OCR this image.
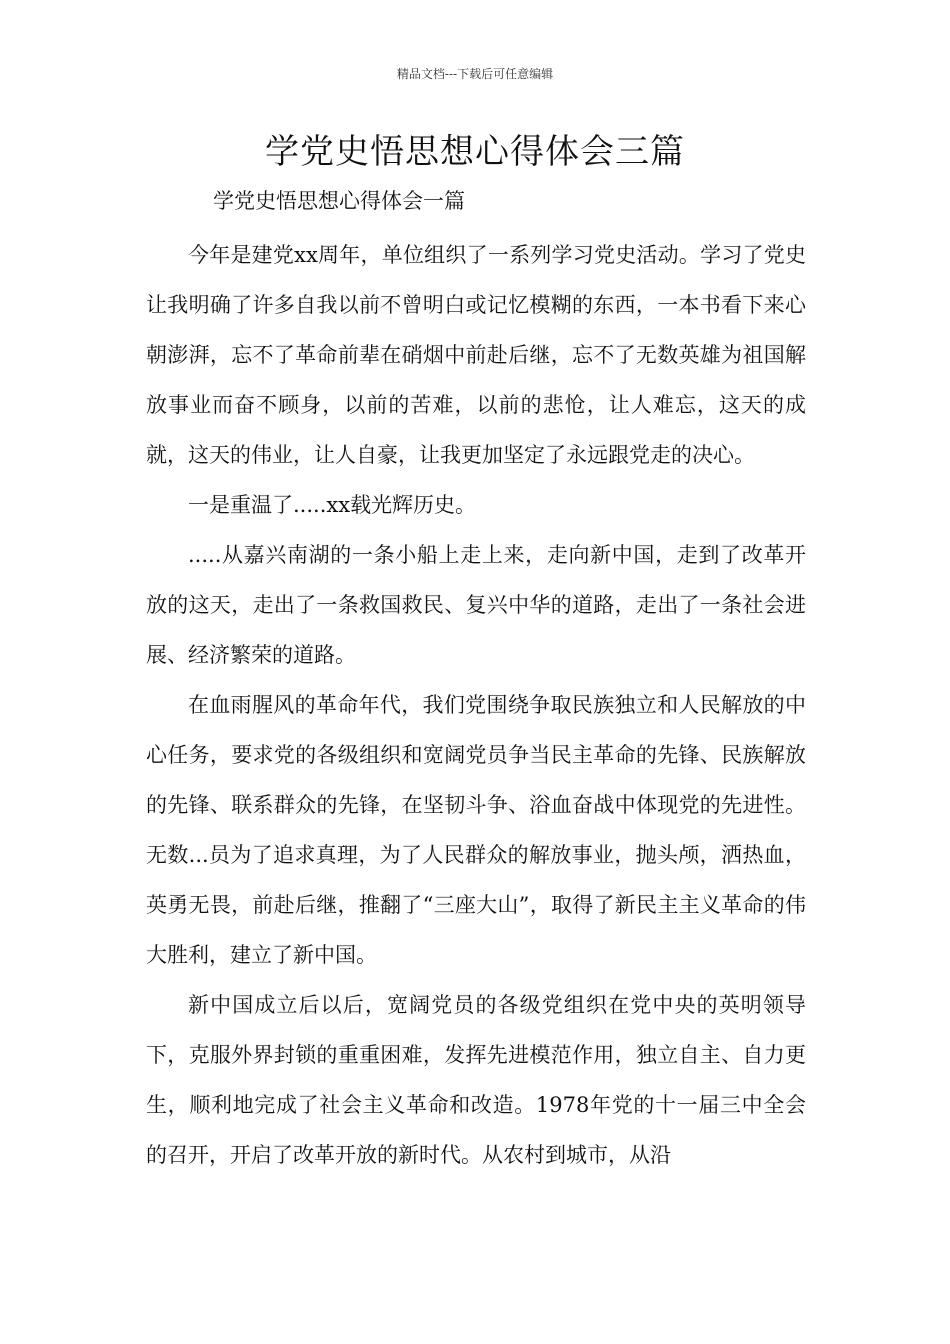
精品文档---下载后可任意编辑
学党史悟思想心得体会三篇

学党史悟思想心得体会一篇

今年是建党xx周年，单位组织了一系列学习党史活动。学习了党史让我明确了许多自我以前不曾明白或记忆模糊的东西，一本书看下来心朝澎湃，忘不了革命前辈在硝烟中前赴后继，忘不了无数英雄为祖国解放事业而奋不顾身，以前的苦难，以前的悲怆，让人难忘，这天的成就，这天的伟业，让人自豪，让我更加坚定了永远跟党走的决心。

一是重温了.....xx载光辉历史。

.....从嘉兴南湖的一条小船上走上来，走向新中国，走到了改革开放的这天，走出了一条救国救民、复兴中华的道路，走出了一条社会进展、经济繁荣的道路。

在血雨腥风的革命年代，我们党围绕争取民族独立和人民解放的中心任务，要求党的各级组织和宽阔党员争当民主革命的先锋、民族解放的先锋、联系群众的先锋，在坚韧斗争、浴血奋战中体现党的先进性。无数...员为了追求真理，为了人民群众的解放事业，抛头颅，洒热血，英勇无畏，前赴后继，推翻了“三座大山”，取得了新民主主义革命的伟大胜利，建立了新中国。

新中国成立后以后，宽阔党员的各级党组织在党中央的英明领导下，克服外界封锁的重重困难，发挥先进模范作用，独立自主、自力更生，顺利地完成了社会主义革命和改造。1978年党的十一届三中全会的召开，开启了改革开放的新时代。从农村到城市，从沿
